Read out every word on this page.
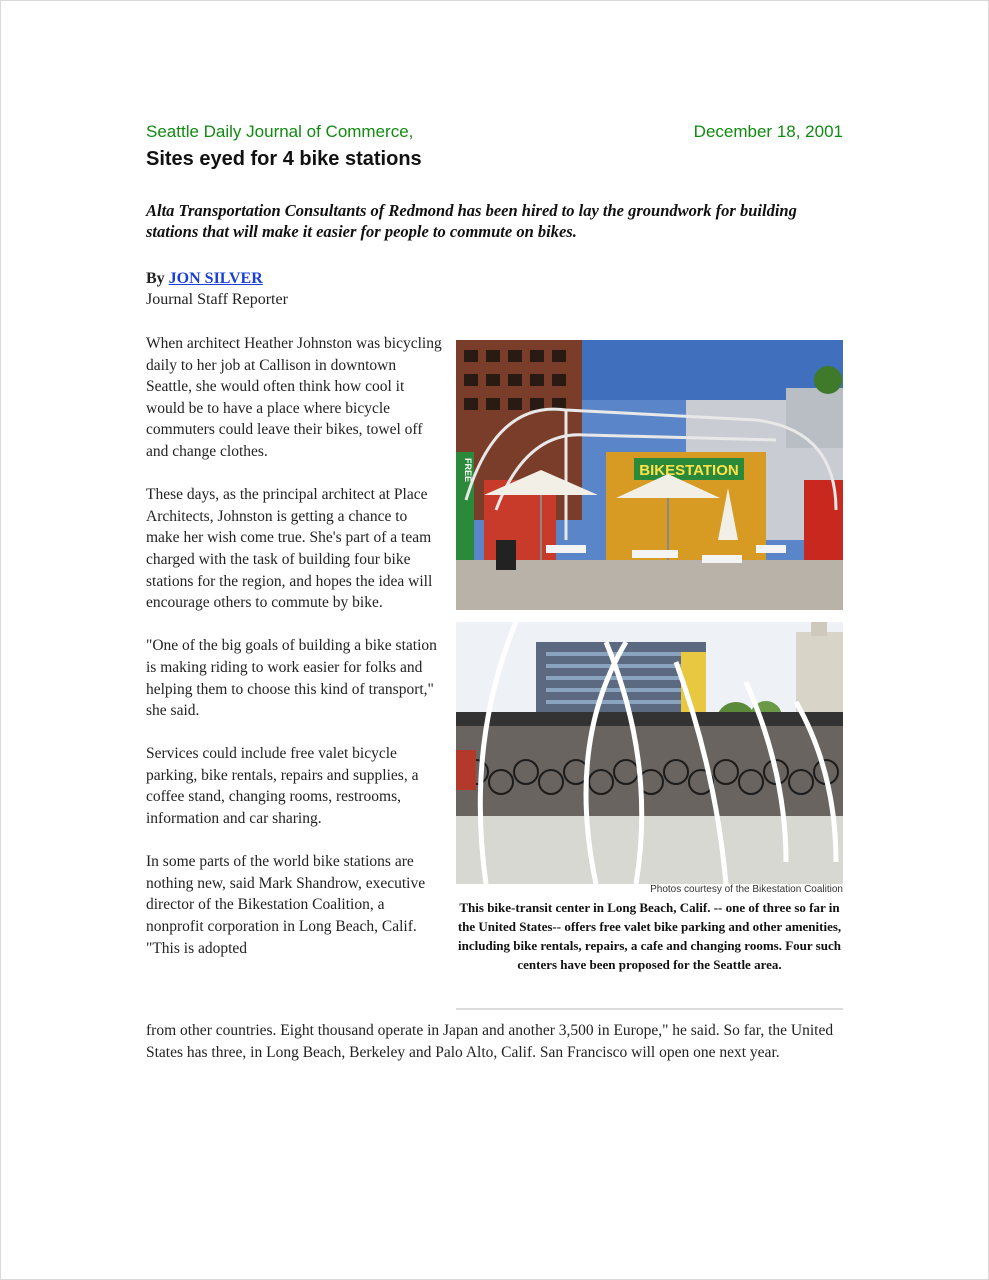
Seattle Daily Journal of Commerce,	December 18, 2001
Sites eyed for 4 bike stations
Alta Transportation Consultants of Redmond has been hired to lay the groundwork for building stations that will make it easier for people to commute on bikes.
By JON SILVER
Journal Staff Reporter

When architect Heather Johnston was bicycling daily to her job at Callison in downtown Seattle, she would often think how cool it would be to have a place where bicycle commuters could leave their bikes, towel off and change clothes.

These days, as the principal architect at Place Architects, Johnston is getting a chance to make her wish come true. She's part of a team charged with the task of building four bike stations for the region, and hopes the idea will encourage others to commute by bike.

"One of the big goals of building a bike station is making riding to work easier for folks and helping them to choose this kind of transport," she said.

Services could include free valet bicycle parking, bike rentals, repairs and supplies, a coffee stand, changing rooms, restrooms, information and car sharing.

In some parts of the world bike stations are nothing new, said Mark Shandrow, executive director of the Bikestation Coalition, a nonprofit corporation in Long Beach, Calif. "This is adopted

from other countries. Eight thousand operate in Japan and another 3,500 in Europe," he said. So far, the United States has three, in Long Beach, Berkeley and Palo Alto, Calif. San Francisco will open one next year.
BIKESTATION
FREE
Photos courtesy of the Bikestation Coalition
This bike-transit center in Long Beach, Calif. -- one of three so far in the United States-- offers free valet bike parking and other amenities, including bike rentals, repairs, a cafe and changing rooms. Four such centers have been proposed for the Seattle area.
